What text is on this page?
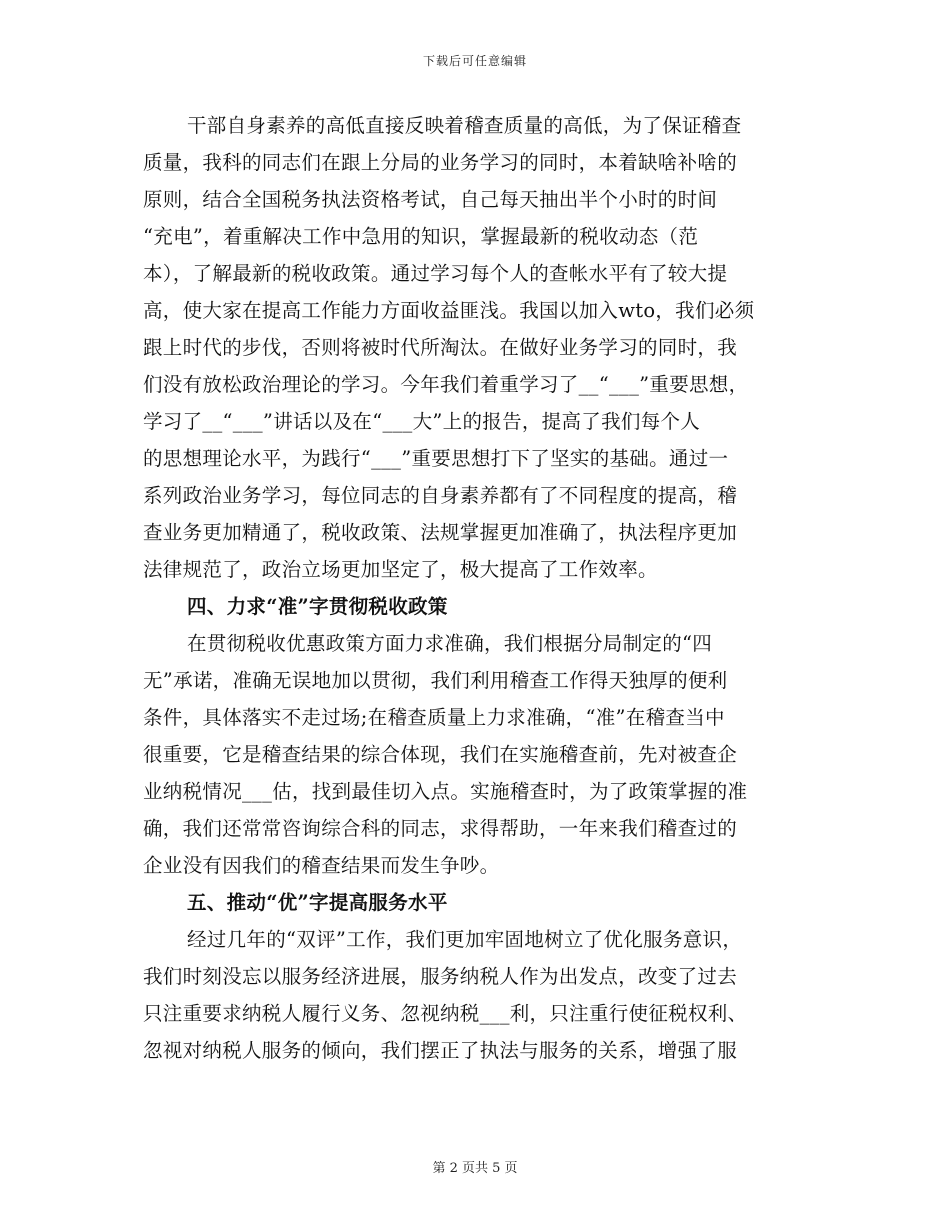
下载后可任意编辑
干部自身素养的高低直接反映着稽查质量的高低，为了保证稽查
质量，我科的同志们在跟上分局的业务学习的同时，本着缺啥补啥的
原则，结合全国税务执法资格考试，自己每天抽出半个小时的时间
“充电”，着重解决工作中急用的知识，掌握最新的税收动态（范
本），了解最新的税收政策。通过学习每个人的查帐水平有了较大提
高，使大家在提高工作能力方面收益匪浅。我国以加入wto，我们必须
跟上时代的步伐，否则将被时代所淘汰。在做好业务学习的同时，我
们没有放松政治理论的学习。今年我们着重学习了__“___”重要思想，
学习了__“___”讲话以及在“___大”上的报告，提高了我们每个人
的思想理论水平，为践行“___”重要思想打下了坚实的基础。通过一
系列政治业务学习，每位同志的自身素养都有了不同程度的提高，稽
查业务更加精通了，税收政策、法规掌握更加准确了，执法程序更加
法律规范了，政治立场更加坚定了，极大提高了工作效率。
四、力求“准”字贯彻税收政策
在贯彻税收优惠政策方面力求准确，我们根据分局制定的“四
无”承诺，准确无误地加以贯彻，我们利用稽查工作得天独厚的便利
条件，具体落实不走过场;在稽查质量上力求准确，“准”在稽查当中
很重要，它是稽查结果的综合体现，我们在实施稽查前，先对被查企
业纳税情况___估，找到最佳切入点。实施稽查时，为了政策掌握的准
确，我们还常常咨询综合科的同志，求得帮助，一年来我们稽查过的
企业没有因我们的稽查结果而发生争吵。
五、推动“优”字提高服务水平
经过几年的“双评”工作，我们更加牢固地树立了优化服务意识，
我们时刻没忘以服务经济进展，服务纳税人作为出发点，改变了过去
只注重要求纳税人履行义务、忽视纳税___利，只注重行使征税权利、
忽视对纳税人服务的倾向，我们摆正了执法与服务的关系，增强了服
第 2 页共 5 页
